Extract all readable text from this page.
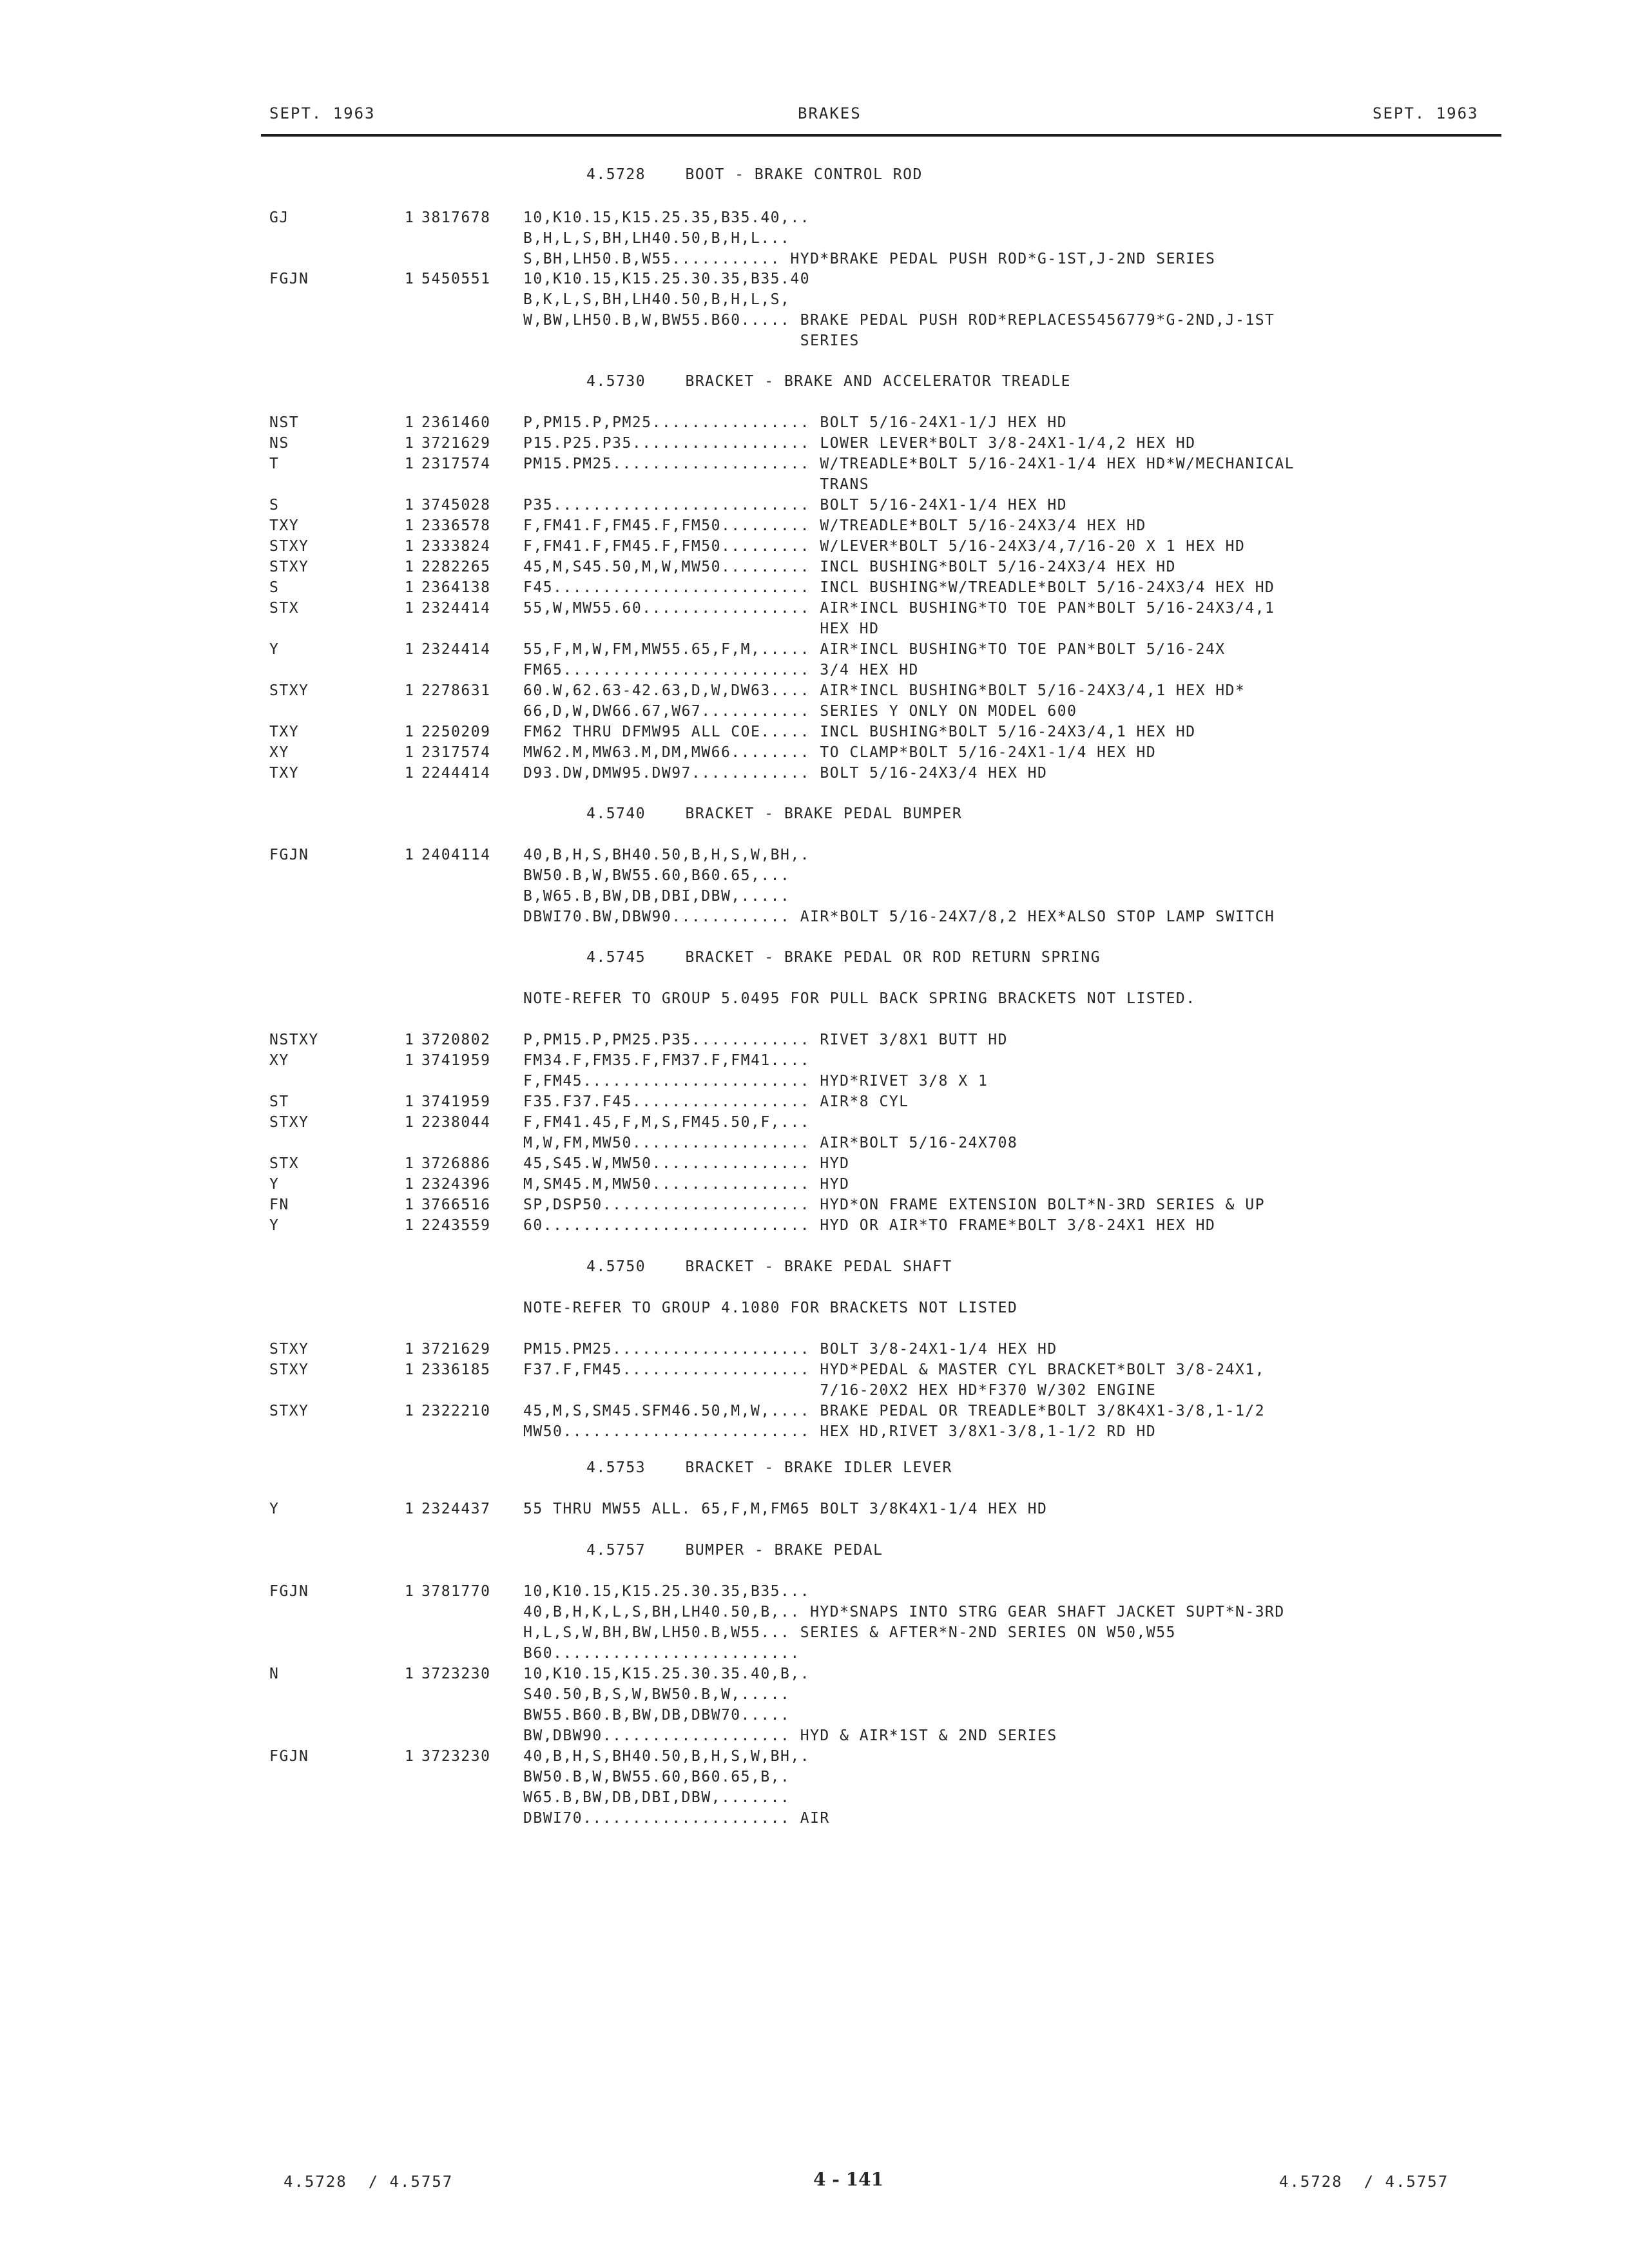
SEPT. 1963	BRAKES	SEPT. 1963
4.5728    BOOT - BRAKE CONTROL ROD
GJ	1 3817678 10,K10.15,K15.25.35,B35.40,..
B,H,L,S,BH,LH40.50,B,H,L...
S,BH,LH50.B,W55........... HYD*BRAKE PEDAL PUSH ROD*G-1ST,J-2ND SERIES
FGJN	1 5450551 10,K10.15,K15.25.30.35,B35.40
B,K,L,S,BH,LH40.50,B,H,L,S,
W,BW,LH50.B,W,BW55.B60..... BRAKE PEDAL PUSH ROD*REPLACES5456779*G-2ND,J-1ST
SERIES
4.5730    BRACKET - BRAKE AND ACCELERATOR TREADLE
NST	1 2361460 P,PM15.P,PM25................ BOLT 5/16-24X1-1/J HEX HD
NS	1 3721629 P15.P25.P35.................. LOWER LEVER*BOLT 3/8-24X1-1/4,2 HEX HD
T	1 2317574 PM15.PM25.................... W/TREADLE*BOLT 5/16-24X1-1/4 HEX HD*W/MECHANICAL
TRANS
S	1 3745028 P35.......................... BOLT 5/16-24X1-1/4 HEX HD
TXY	1 2336578 F,FM41.F,FM45.F,FM50......... W/TREADLE*BOLT 5/16-24X3/4 HEX HD
STXY	1 2333824 F,FM41.F,FM45.F,FM50......... W/LEVER*BOLT 5/16-24X3/4,7/16-20 X 1 HEX HD
STXY	1 2282265 45,M,S45.50,M,W,MW50......... INCL BUSHING*BOLT 5/16-24X3/4 HEX HD
S	1 2364138 F45.......................... INCL BUSHING*W/TREADLE*BOLT 5/16-24X3/4 HEX HD
STX	1 2324414 55,W,MW55.60................. AIR*INCL BUSHING*TO TOE PAN*BOLT 5/16-24X3/4,1
HEX HD
Y	1 2324414 55,F,M,W,FM,MW55.65,F,M,..... AIR*INCL BUSHING*TO TOE PAN*BOLT 5/16-24X
FM65......................... 3/4 HEX HD
STXY	1 2278631 60.W,62.63-42.63,D,W,DW63.... AIR*INCL BUSHING*BOLT 5/16-24X3/4,1 HEX HD*
66,D,W,DW66.67,W67........... SERIES Y ONLY ON MODEL 600
TXY	1 2250209 FM62 THRU DFMW95 ALL COE..... INCL BUSHING*BOLT 5/16-24X3/4,1 HEX HD
XY	1 2317574 MW62.M,MW63.M,DM,MW66........ TO CLAMP*BOLT 5/16-24X1-1/4 HEX HD
TXY	1 2244414 D93.DW,DMW95.DW97............ BOLT 5/16-24X3/4 HEX HD
4.5740    BRACKET - BRAKE PEDAL BUMPER
FGJN	1 2404114 40,B,H,S,BH40.50,B,H,S,W,BH,.
BW50.B,W,BW55.60,B60.65,...
B,W65.B,BW,DB,DBI,DBW,.....
DBWI70.BW,DBW90............ AIR*BOLT 5/16-24X7/8,2 HEX*ALSO STOP LAMP SWITCH
4.5745    BRACKET - BRAKE PEDAL OR ROD RETURN SPRING
NOTE-REFER TO GROUP 5.0495 FOR PULL BACK SPRING BRACKETS NOT LISTED.
NSTXY	1 3720802 P,PM15.P,PM25.P35............ RIVET 3/8X1 BUTT HD
XY	1 3741959 FM34.F,FM35.F,FM37.F,FM41....
F,FM45....................... HYD*RIVET 3/8 X 1
ST	1 3741959 F35.F37.F45.................. AIR*8 CYL
STXY	1 2238044 F,FM41.45,F,M,S,FM45.50,F,...
M,W,FM,MW50.................. AIR*BOLT 5/16-24X708
STX	1 3726886 45,S45.W,MW50................ HYD
Y	1 2324396 M,SM45.M,MW50................ HYD
FN	1 3766516 SP,DSP50..................... HYD*ON FRAME EXTENSION BOLT*N-3RD SERIES & UP
Y	1 2243559 60........................... HYD OR AIR*TO FRAME*BOLT 3/8-24X1 HEX HD
4.5750    BRACKET - BRAKE PEDAL SHAFT
NOTE-REFER TO GROUP 4.1080 FOR BRACKETS NOT LISTED
STXY	1 3721629 PM15.PM25.................... BOLT 3/8-24X1-1/4 HEX HD
STXY	1 2336185 F37.F,FM45................... HYD*PEDAL & MASTER CYL BRACKET*BOLT 3/8-24X1,
7/16-20X2 HEX HD*F370 W/302 ENGINE
STXY	1 2322210 45,M,S,SM45.SFM46.50,M,W,.... BRAKE PEDAL OR TREADLE*BOLT 3/8K4X1-3/8,1-1/2
MW50......................... HEX HD,RIVET 3/8X1-3/8,1-1/2 RD HD
4.5753    BRACKET - BRAKE IDLER LEVER
Y	1 2324437 55 THRU MW55 ALL. 65,F,M,FM65 BOLT 3/8K4X1-1/4 HEX HD
4.5757    BUMPER - BRAKE PEDAL
FGJN	1 3781770 10,K10.15,K15.25.30.35,B35...
40,B,H,K,L,S,BH,LH40.50,B,.. HYD*SNAPS INTO STRG GEAR SHAFT JACKET SUPT*N-3RD
H,L,S,W,BH,BW,LH50.B,W55... SERIES & AFTER*N-2ND SERIES ON W50,W55
B60.........................
N	1 3723230 10,K10.15,K15.25.30.35.40,B,.
S40.50,B,S,W,BW50.B,W,.....
BW55.B60.B,BW,DB,DBW70.....
BW,DBW90................... HYD & AIR*1ST & 2ND SERIES
FGJN	1 3723230 40,B,H,S,BH40.50,B,H,S,W,BH,.
BW50.B,W,BW55.60,B60.65,B,.
W65.B,BW,DB,DBI,DBW,.......
DBWI70..................... AIR
4.5728  / 4.5757	4 - 141	4.5728  / 4.5757
